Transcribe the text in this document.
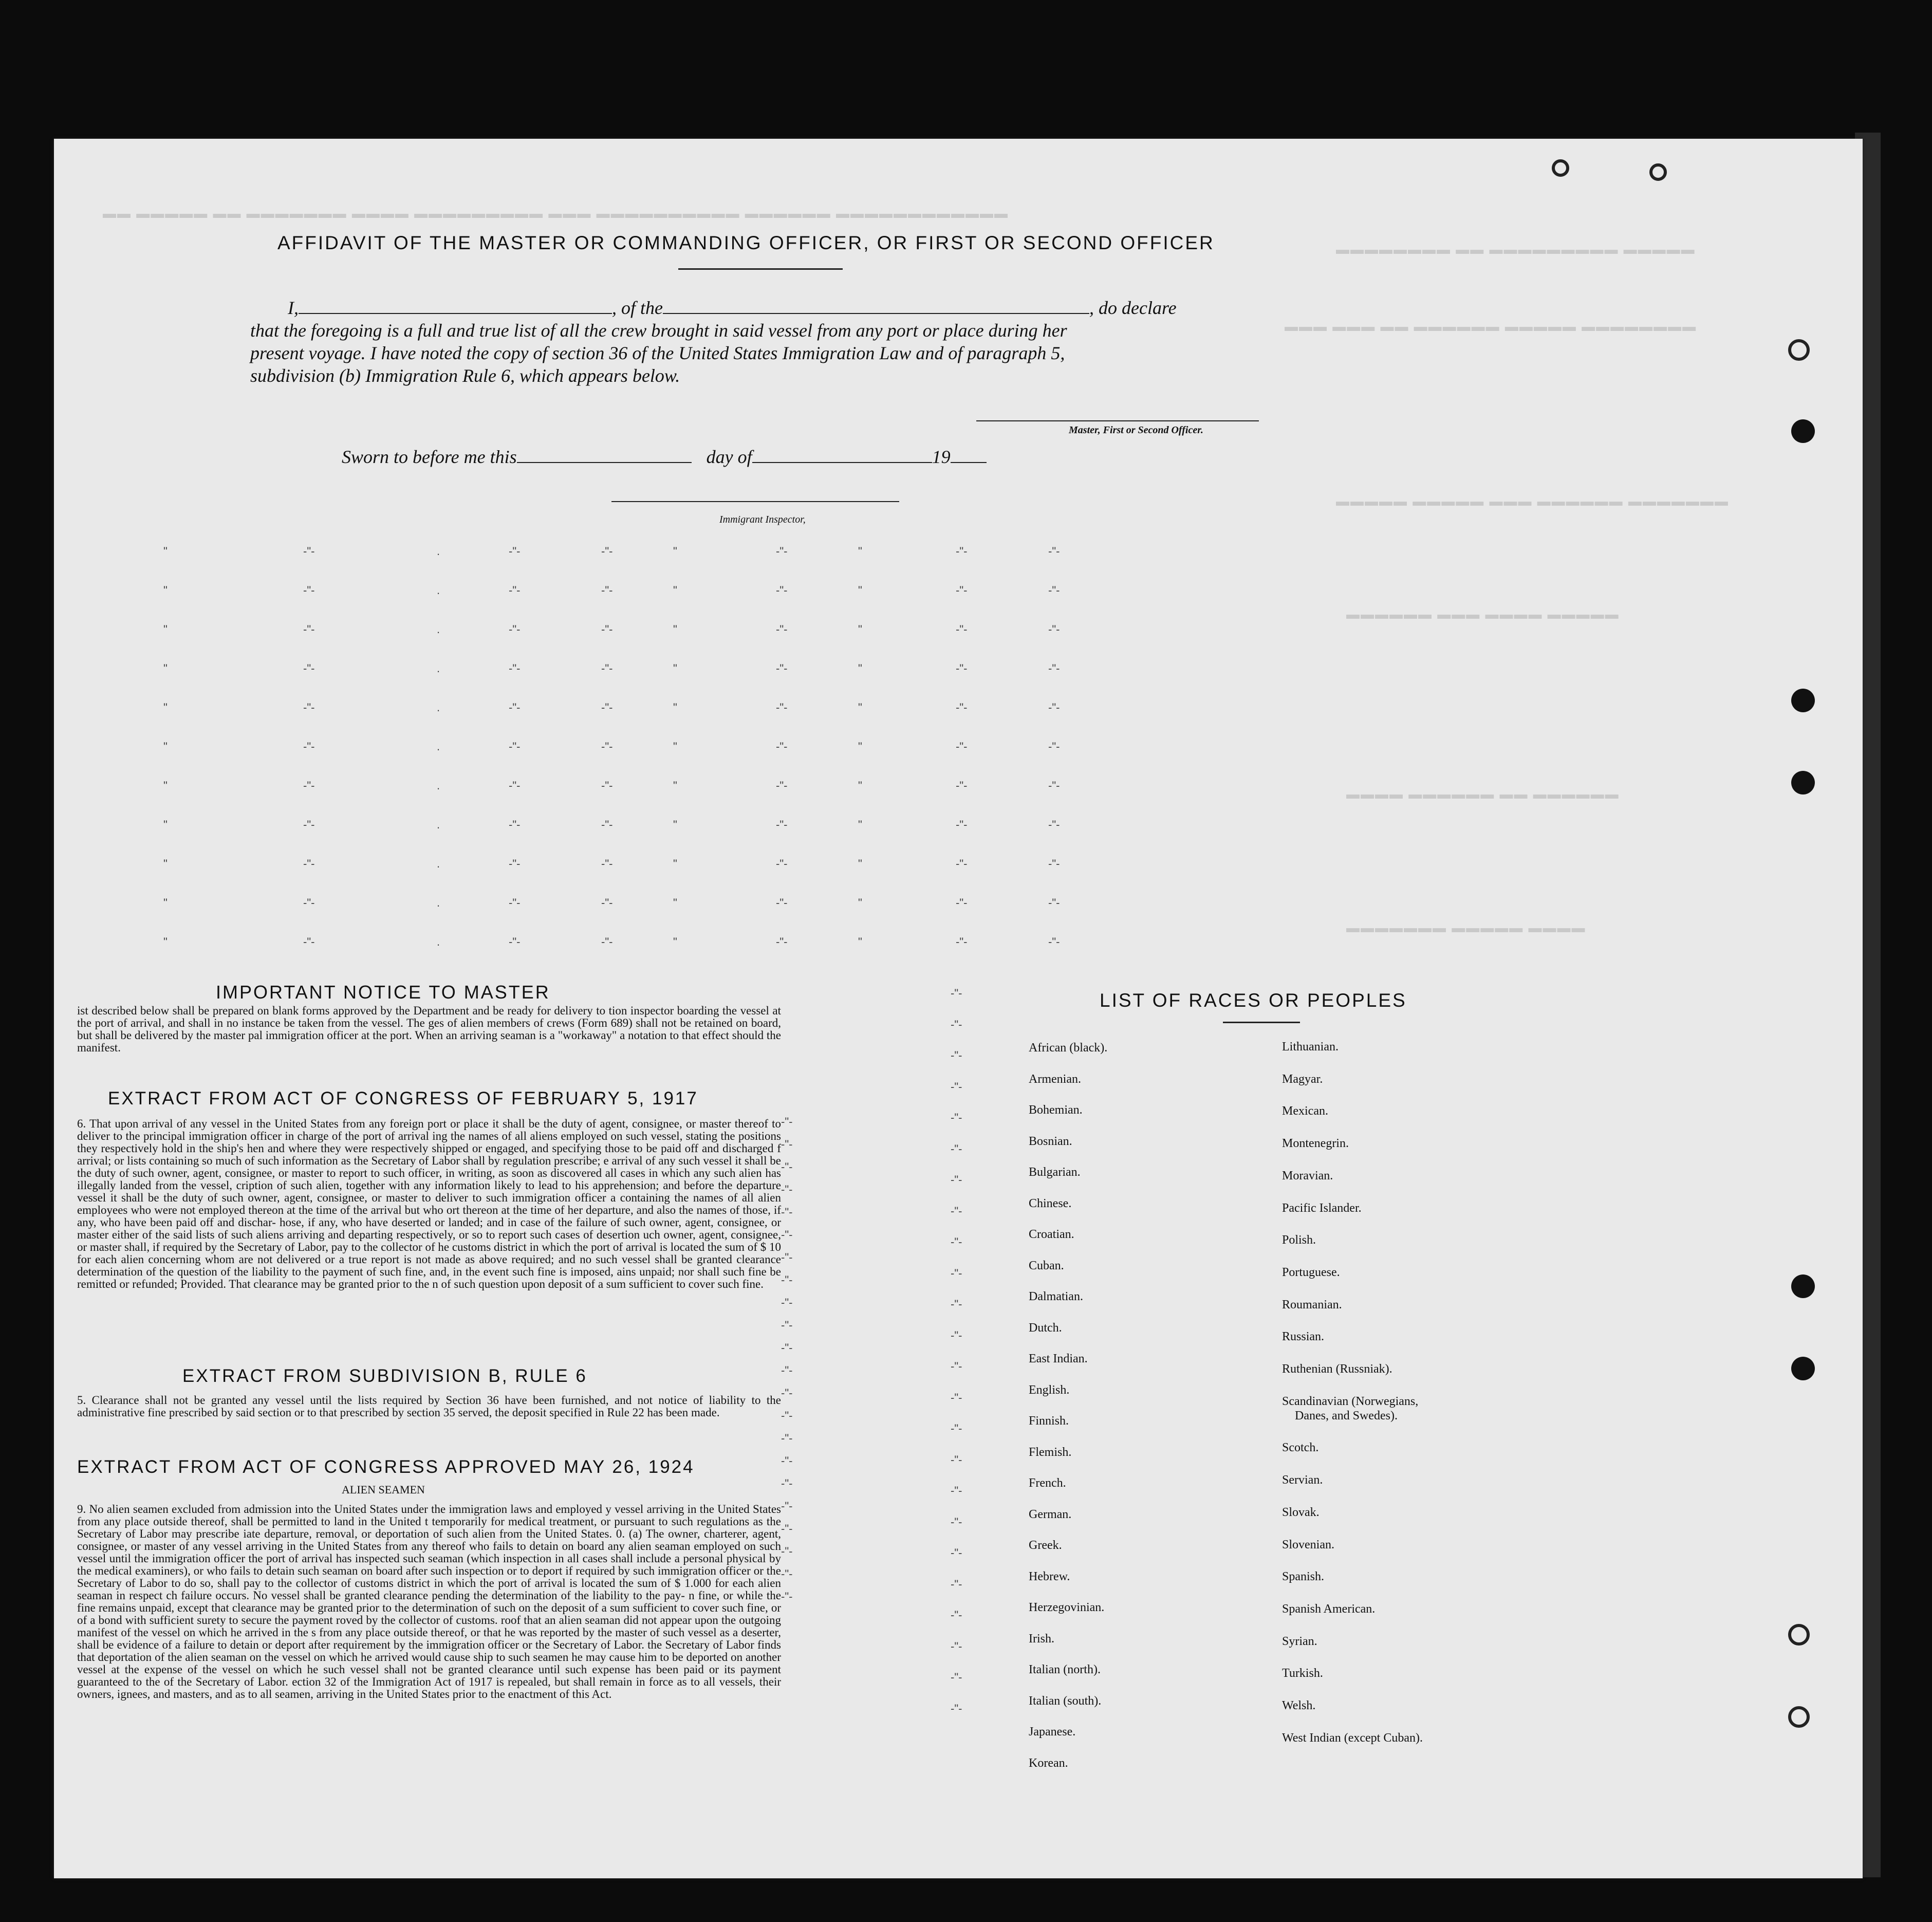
▬▬ ▬▬▬▬▬ ▬▬ ▬▬▬▬▬▬▬ ▬▬▬▬ ▬▬▬▬▬▬▬▬▬ ▬▬▬ ▬▬▬▬▬▬▬▬▬▬ ▬▬▬▬▬▬ ▬▬▬▬▬▬▬▬▬▬▬▬
▬▬▬▬▬▬▬▬ ▬▬ ▬▬▬▬▬▬▬▬▬ ▬▬▬▬▬
▬▬▬ ▬▬▬ ▬▬ ▬▬▬▬▬▬ ▬▬▬▬▬ ▬▬▬▬▬▬▬▬
▬▬▬▬▬ ▬▬▬▬▬ ▬▬▬ ▬▬▬▬▬▬ ▬▬▬▬▬▬▬
▬▬▬▬▬▬ ▬▬▬ ▬▬▬▬ ▬▬▬▬▬
▬▬▬▬ ▬▬▬▬▬▬ ▬▬ ▬▬▬▬▬▬
▬▬▬▬▬▬▬ ▬▬▬▬▬ ▬▬▬▬
AFFIDAVIT OF THE MASTER OR COMMANDING OFFICER, OR FIRST OR SECOND OFFICER
I,	, of the	, do declare
that the foregoing is a full and true list of all the crew brought in said vessel from any port or place during her
present voyage. I have noted the copy of section 36 of the United States Immigration Law and of paragraph 5,
subdivision (b) Immigration Rule 6, which appears below.
Master, First or Second Officer.
Sworn to before me this	day of	19
Immigrant Inspector,
"	-"-	.	-"-	-"-	"	-"-	"	-"-	-"-
"	-"-	.	-"-	-"-	"	-"-	"	-"-	-"-
"	-"-	.	-"-	-"-	"	-"-	"	-"-	-"-
"	-"-	.	-"-	-"-	"	-"-	"	-"-	-"-
"	-"-	.	-"-	-"-	"	-"-	"	-"-	-"-
"	-"-	.	-"-	-"-	"	-"-	"	-"-	-"-
"	-"-	.	-"-	-"-	"	-"-	"	-"-	-"-
"	-"-	.	-"-	-"-	"	-"-	"	-"-	-"-
"	-"-	.	-"-	-"-	"	-"-	"	-"-	-"-
"	-"-	.	-"-	-"-	"	-"-	"	-"-	-"-
"	-"-	.	-"-	-"-	"	-"-	"	-"-	-"-
-"-
-"-
-"-
-"-
-"-
-"-
-"-
-"-
-"-
-"-
-"-
-"-
-"-
-"-
-"-
-"-
-"-
-"-
-"-
-"-
-"-
-"-
-"-
-"-	-"-
-"-	-"-
-"-
-"-
-"-
-"-
-"-
-"-
-"-
-"-
-"-
-"-
-"-
-"-
-"-
-"-
-"-
-"-
-"-
-"-
-"-
IMPORTANT NOTICE TO MASTER
ist described below shall be prepared on blank forms approved by the Department and be ready for delivery to tion inspector boarding the vessel at the port of arrival, and shall in no instance be taken from the vessel. The ges of alien members of crews (Form 689) shall not be retained on board, but shall be delivered by the master pal immigration officer at the port. When an arriving seaman is a "workaway" a notation to that effect should the manifest.
EXTRACT FROM ACT OF CONGRESS OF FEBRUARY 5, 1917
6. That upon arrival of any vessel in the United States from any foreign port or place it shall be the duty of agent, consignee, or master thereof to deliver to the principal immigration officer in charge of the port of arrival ing the names of all aliens employed on such vessel, stating the positions they respectively hold in the ship's hen and where they were respectively shipped or engaged, and specifying those to be paid off and discharged f arrival; or lists containing so much of such information as the Secretary of Labor shall by regulation prescribe; e arrival of any such vessel it shall be the duty of such owner, agent, consignee, or master to report to such officer, in writing, as soon as discovered all cases in which any such alien has illegally landed from the vessel, cription of such alien, together with any information likely to lead to his apprehension; and before the departure vessel it shall be the duty of such owner, agent, consignee, or master to deliver to such immigration officer a containing the names of all alien employees who were not employed thereon at the time of the arrival but who ort thereon at the time of her departure, and also the names of those, if any, who have been paid off and dischar- hose, if any, who have deserted or landed; and in case of the failure of such owner, agent, consignee, or master either of the said lists of such aliens arriving and departing respectively, or so to report such cases of desertion uch owner, agent, consignee, or master shall, if required by the Secretary of Labor, pay to the collector of he customs district in which the port of arrival is located the sum of $ 10 for each alien concerning whom are not delivered or a true report is not made as above required; and no such vessel shall be granted clearance determination of the question of the liability to the payment of such fine, and, in the event such fine is imposed, ains unpaid; nor shall such fine be remitted or refunded; Provided. That clearance may be granted prior to the n of such question upon deposit of a sum sufficient to cover such fine.
EXTRACT FROM SUBDIVISION B, RULE 6
5. Clearance shall not be granted any vessel until the lists required by Section 36 have been furnished, and not notice of liability to the administrative fine prescribed by said section or to that prescribed by section 35 served, the deposit specified in Rule 22 has been made.
EXTRACT FROM ACT OF CONGRESS APPROVED MAY 26, 1924
ALIEN SEAMEN
9. No alien seamen excluded from admission into the United States under the immigration laws and employed y vessel arriving in the United States from any place outside thereof, shall be permitted to land in the United t temporarily for medical treatment, or pursuant to such regulations as the Secretary of Labor may prescribe iate departure, removal, or deportation of such alien from the United States. 0. (a) The owner, charterer, agent, consignee, or master of any vessel arriving in the United States from any thereof who fails to detain on board any alien seaman employed on such vessel until the immigration officer the port of arrival has inspected such seaman (which inspection in all cases shall include a personal physical by the medical examiners), or who fails to detain such seaman on board after such inspection or to deport if required by such immigration officer or the Secretary of Labor to do so, shall pay to the collector of customs district in which the port of arrival is located the sum of $ 1.000 for each alien seaman in respect ch failure occurs. No vessel shall be granted clearance pending the determination of the liability to the pay- n fine, or while the fine remains unpaid, except that clearance may be granted prior to the determination of such on the deposit of a sum sufficient to cover such fine, or of a bond with sufficient surety to secure the payment roved by the collector of customs. roof that an alien seaman did not appear upon the outgoing manifest of the vessel on which he arrived in the s from any place outside thereof, or that he was reported by the master of such vessel as a deserter, shall be evidence of a failure to detain or deport after requirement by the immigration officer or the Secretary of Labor. the Secretary of Labor finds that deportation of the alien seaman on the vessel on which he arrived would cause ship to such seamen he may cause him to be deported on another vessel at the expense of the vessel on which he such vessel shall not be granted clearance until such expense has been paid or its payment guaranteed to the of the Secretary of Labor. ection 32 of the Immigration Act of 1917 is repealed, but shall remain in force as to all vessels, their owners, ignees, and masters, and as to all seamen, arriving in the United States prior to the enactment of this Act.
LIST OF RACES OR PEOPLES
African (black).
Armenian.
Bohemian.
Bosnian.
Bulgarian.
Chinese.
Croatian.
Cuban.
Dalmatian.
Dutch.
East Indian.
English.
Finnish.
Flemish.
French.
German.
Greek.
Hebrew.
Herzegovinian.
Irish.
Italian (north).
Italian (south).
Japanese.
Korean.
Lithuanian.
Magyar.
Mexican.
Montenegrin.
Moravian.
Pacific Islander.
Polish.
Portuguese.
Roumanian.
Russian.
Ruthenian (Russniak).
Scandinavian (Norwegians,
Danes, and Swedes).
Scotch.
Servian.
Slovak.
Slovenian.
Spanish.
Spanish American.
Syrian.
Turkish.
Welsh.
West Indian (except Cuban).
